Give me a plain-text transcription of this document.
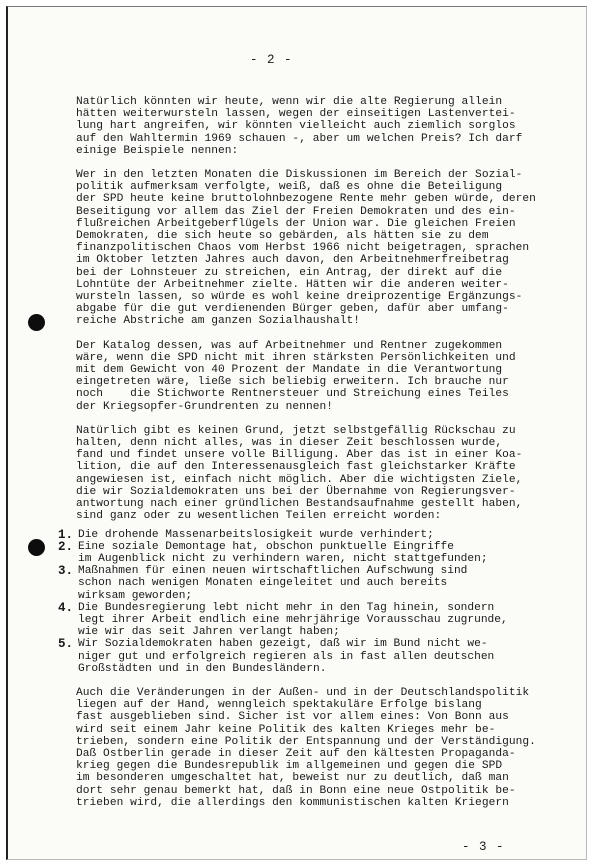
- 2 -

Natürlich könnten wir heute, wenn wir die alte Regierung allein
hätten weiterwursteln lassen, wegen der einseitigen Lastenvertei-
lung hart angreifen, wir könnten vielleicht auch ziemlich sorglos
auf den Wahltermin 1969 schauen -, aber um welchen Preis? Ich darf
einige Beispiele nennen:

Wer in den letzten Monaten die Diskussionen im Bereich der Sozial-
politik aufmerksam verfolgte, weiß, daß es ohne die Beteiligung
der SPD heute keine bruttolohnbezogene Rente mehr geben würde, deren
Beseitigung vor allem das Ziel der Freien Demokraten und des ein-
flußreichen Arbeitgeberflügels der Union war. Die gleichen Freien
Demokraten, die sich heute so gebärden, als hätten sie zu dem
finanzpolitischen Chaos vom Herbst 1966 nicht beigetragen, sprachen
im Oktober letzten Jahres auch davon, den Arbeitnehmerfreibetrag
bei der Lohnsteuer zu streichen, ein Antrag, der direkt auf die
Lohntüte der Arbeitnehmer zielte. Hätten wir die anderen weiter-
wursteln lassen, so würde es wohl keine dreiprozentige Ergänzungs-
abgabe für die gut verdienenden Bürger geben, dafür aber umfang-
reiche Abstriche am ganzen Sozialhaushalt!

Der Katalog dessen, was auf Arbeitnehmer und Rentner zugekommen
wäre, wenn die SPD nicht mit ihren stärksten Persönlichkeiten und
mit dem Gewicht von 40 Prozent der Mandate in die Verantwortung
eingetreten wäre, ließe sich beliebig erweitern. Ich brauche nur
noch    die Stichworte Rentnersteuer und Streichung eines Teiles
der Kriegsopfer-Grundrenten zu nennen!

Natürlich gibt es keinen Grund, jetzt selbstgefällig Rückschau zu
halten, denn nicht alles, was in dieser Zeit beschlossen wurde,
fand und findet unsere volle Billigung. Aber das ist in einer Koa-
lition, die auf den Interessenausgleich fast gleichstarker Kräfte
angewiesen ist, einfach nicht möglich. Aber die wichtigsten Ziele,
die wir Sozialdemokraten uns bei der Übernahme von Regierungsver-
antwortung nach einer gründlichen Bestandsaufnahme gestellt haben,
sind ganz oder zu wesentlichen Teilen erreicht worden:

1. Die drohende Massenarbeitslosigkeit wurde verhindert;
2. Eine soziale Demontage hat, obschon punktuelle Eingriffe
im Augenblick nicht zu verhindern waren, nicht stattgefunden;
3. Maßnahmen für einen neuen wirtschaftlichen Aufschwung sind
schon nach wenigen Monaten eingeleitet und auch bereits
wirksam geworden;
4. Die Bundesregierung lebt nicht mehr in den Tag hinein, sondern
legt ihrer Arbeit endlich eine mehrjährige Vorausschau zugrunde,
wie wir das seit Jahren verlangt haben;
5. Wir Sozialdemokraten haben gezeigt, daß wir im Bund nicht we-
niger gut und erfolgreich regieren als in fast allen deutschen
Großstädten und in den Bundesländern.

Auch die Veränderungen in der Außen- und in der Deutschlandspolitik
liegen auf der Hand, wenngleich spektakuläre Erfolge bislang
fast ausgeblieben sind. Sicher ist vor allem eines: Von Bonn aus
wird seit einem Jahr keine Politik des kalten Krieges mehr be-
trieben, sondern eine Politik der Entspannung und der Verständigung.
Daß Ostberlin gerade in dieser Zeit auf den kältesten Propaganda-
krieg gegen die Bundesrepublik im allgemeinen und gegen die SPD
im besonderen umgeschaltet hat, beweist nur zu deutlich, daß man
dort sehr genau bemerkt hat, daß in Bonn eine neue Ostpolitik be-
trieben wird, die allerdings den kommunistischen kalten Kriegern

- 3 -
